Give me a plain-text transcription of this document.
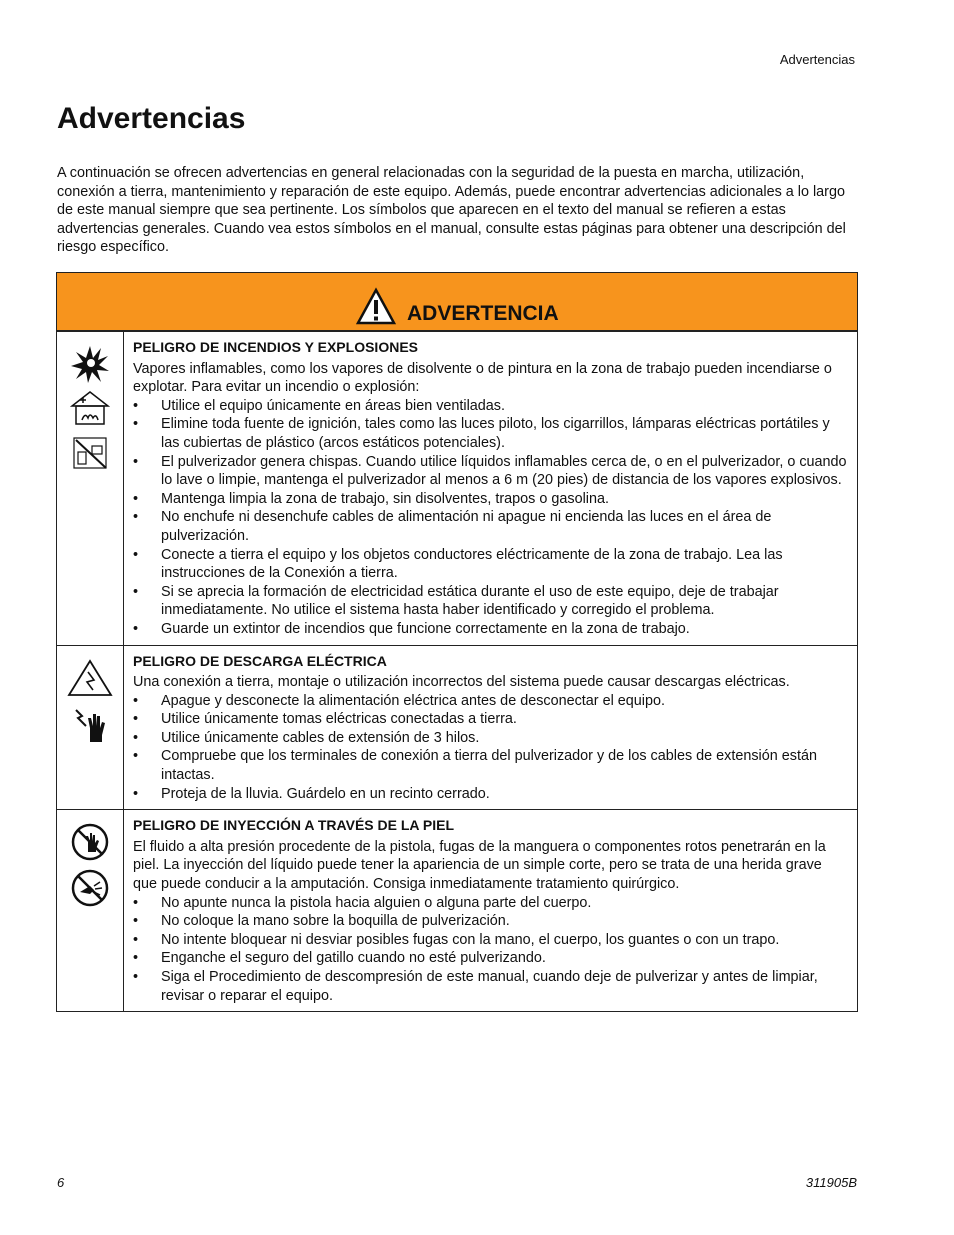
Advertencias
Advertencias

A continuación se ofrecen advertencias en general relacionadas con la seguridad de la puesta en marcha, utilización, conexión a tierra, mantenimiento y reparación de este equipo. Además, puede encontrar advertencias adicionales a lo largo de este manual siempre que sea pertinente. Los símbolos que aparecen en el texto del manual se refieren a estas advertencias generales. Cuando vea estos símbolos en el manual, consulte estas páginas para obtener una descripción del riesgo específico.

ADVERTENCIA

PELIGRO DE INCENDIOS Y EXPLOSIONES

Vapores inflamables, como los vapores de disolvente o de pintura en la zona de trabajo pueden incendiarse o explotar. Para evitar un incendio o explosión:

• Utilice el equipo únicamente en áreas bien ventiladas.
• Elimine toda fuente de ignición, tales como las luces piloto, los cigarrillos, lámparas eléctricas portátiles y las cubiertas de plástico (arcos estáticos potenciales).
• El pulverizador genera chispas. Cuando utilice líquidos inflamables cerca de, o en el pulverizador, o cuando lo lave o limpie, mantenga el pulverizador al menos a 6 m (20 pies) de distancia de los vapores explosivos.
• Mantenga limpia la zona de trabajo, sin disolventes, trapos o gasolina.
• No enchufe ni desenchufe cables de alimentación ni apague ni encienda las luces en el área de pulverización.
• Conecte a tierra el equipo y los objetos conductores eléctricamente de la zona de trabajo. Lea las instrucciones de la Conexión a tierra.
• Si se aprecia la formación de electricidad estática durante el uso de este equipo, deje de trabajar inmediatamente. No utilice el sistema hasta haber identificado y corregido el problema.
• Guarde un extintor de incendios que funcione correctamente en la zona de trabajo.

PELIGRO DE DESCARGA ELÉCTRICA

Una conexión a tierra, montaje o utilización incorrectos del sistema puede causar descargas eléctricas.

• Apague y desconecte la alimentación eléctrica antes de desconectar el equipo.
• Utilice únicamente tomas eléctricas conectadas a tierra.
• Utilice únicamente cables de extensión de 3 hilos.
• Compruebe que los terminales de conexión a tierra del pulverizador y de los cables de extensión están intactas.
• Proteja de la lluvia. Guárdelo en un recinto cerrado.

PELIGRO DE INYECCIÓN A TRAVÉS DE LA PIEL

El fluido a alta presión procedente de la pistola, fugas de la manguera o componentes rotos penetrarán en la piel. La inyección del líquido puede tener la apariencia de un simple corte, pero se trata de una herida grave que puede conducir a la amputación. Consiga inmediatamente tratamiento quirúrgico.

• No apunte nunca la pistola hacia alguien o alguna parte del cuerpo.
• No coloque la mano sobre la boquilla de pulverización.
• No intente bloquear ni desviar posibles fugas con la mano, el cuerpo, los guantes o con un trapo.
• Enganche el seguro del gatillo cuando no esté pulverizando.
• Siga el Procedimiento de descompresión de este manual, cuando deje de pulverizar y antes de limpiar, revisar o reparar el equipo.
6	311905B
